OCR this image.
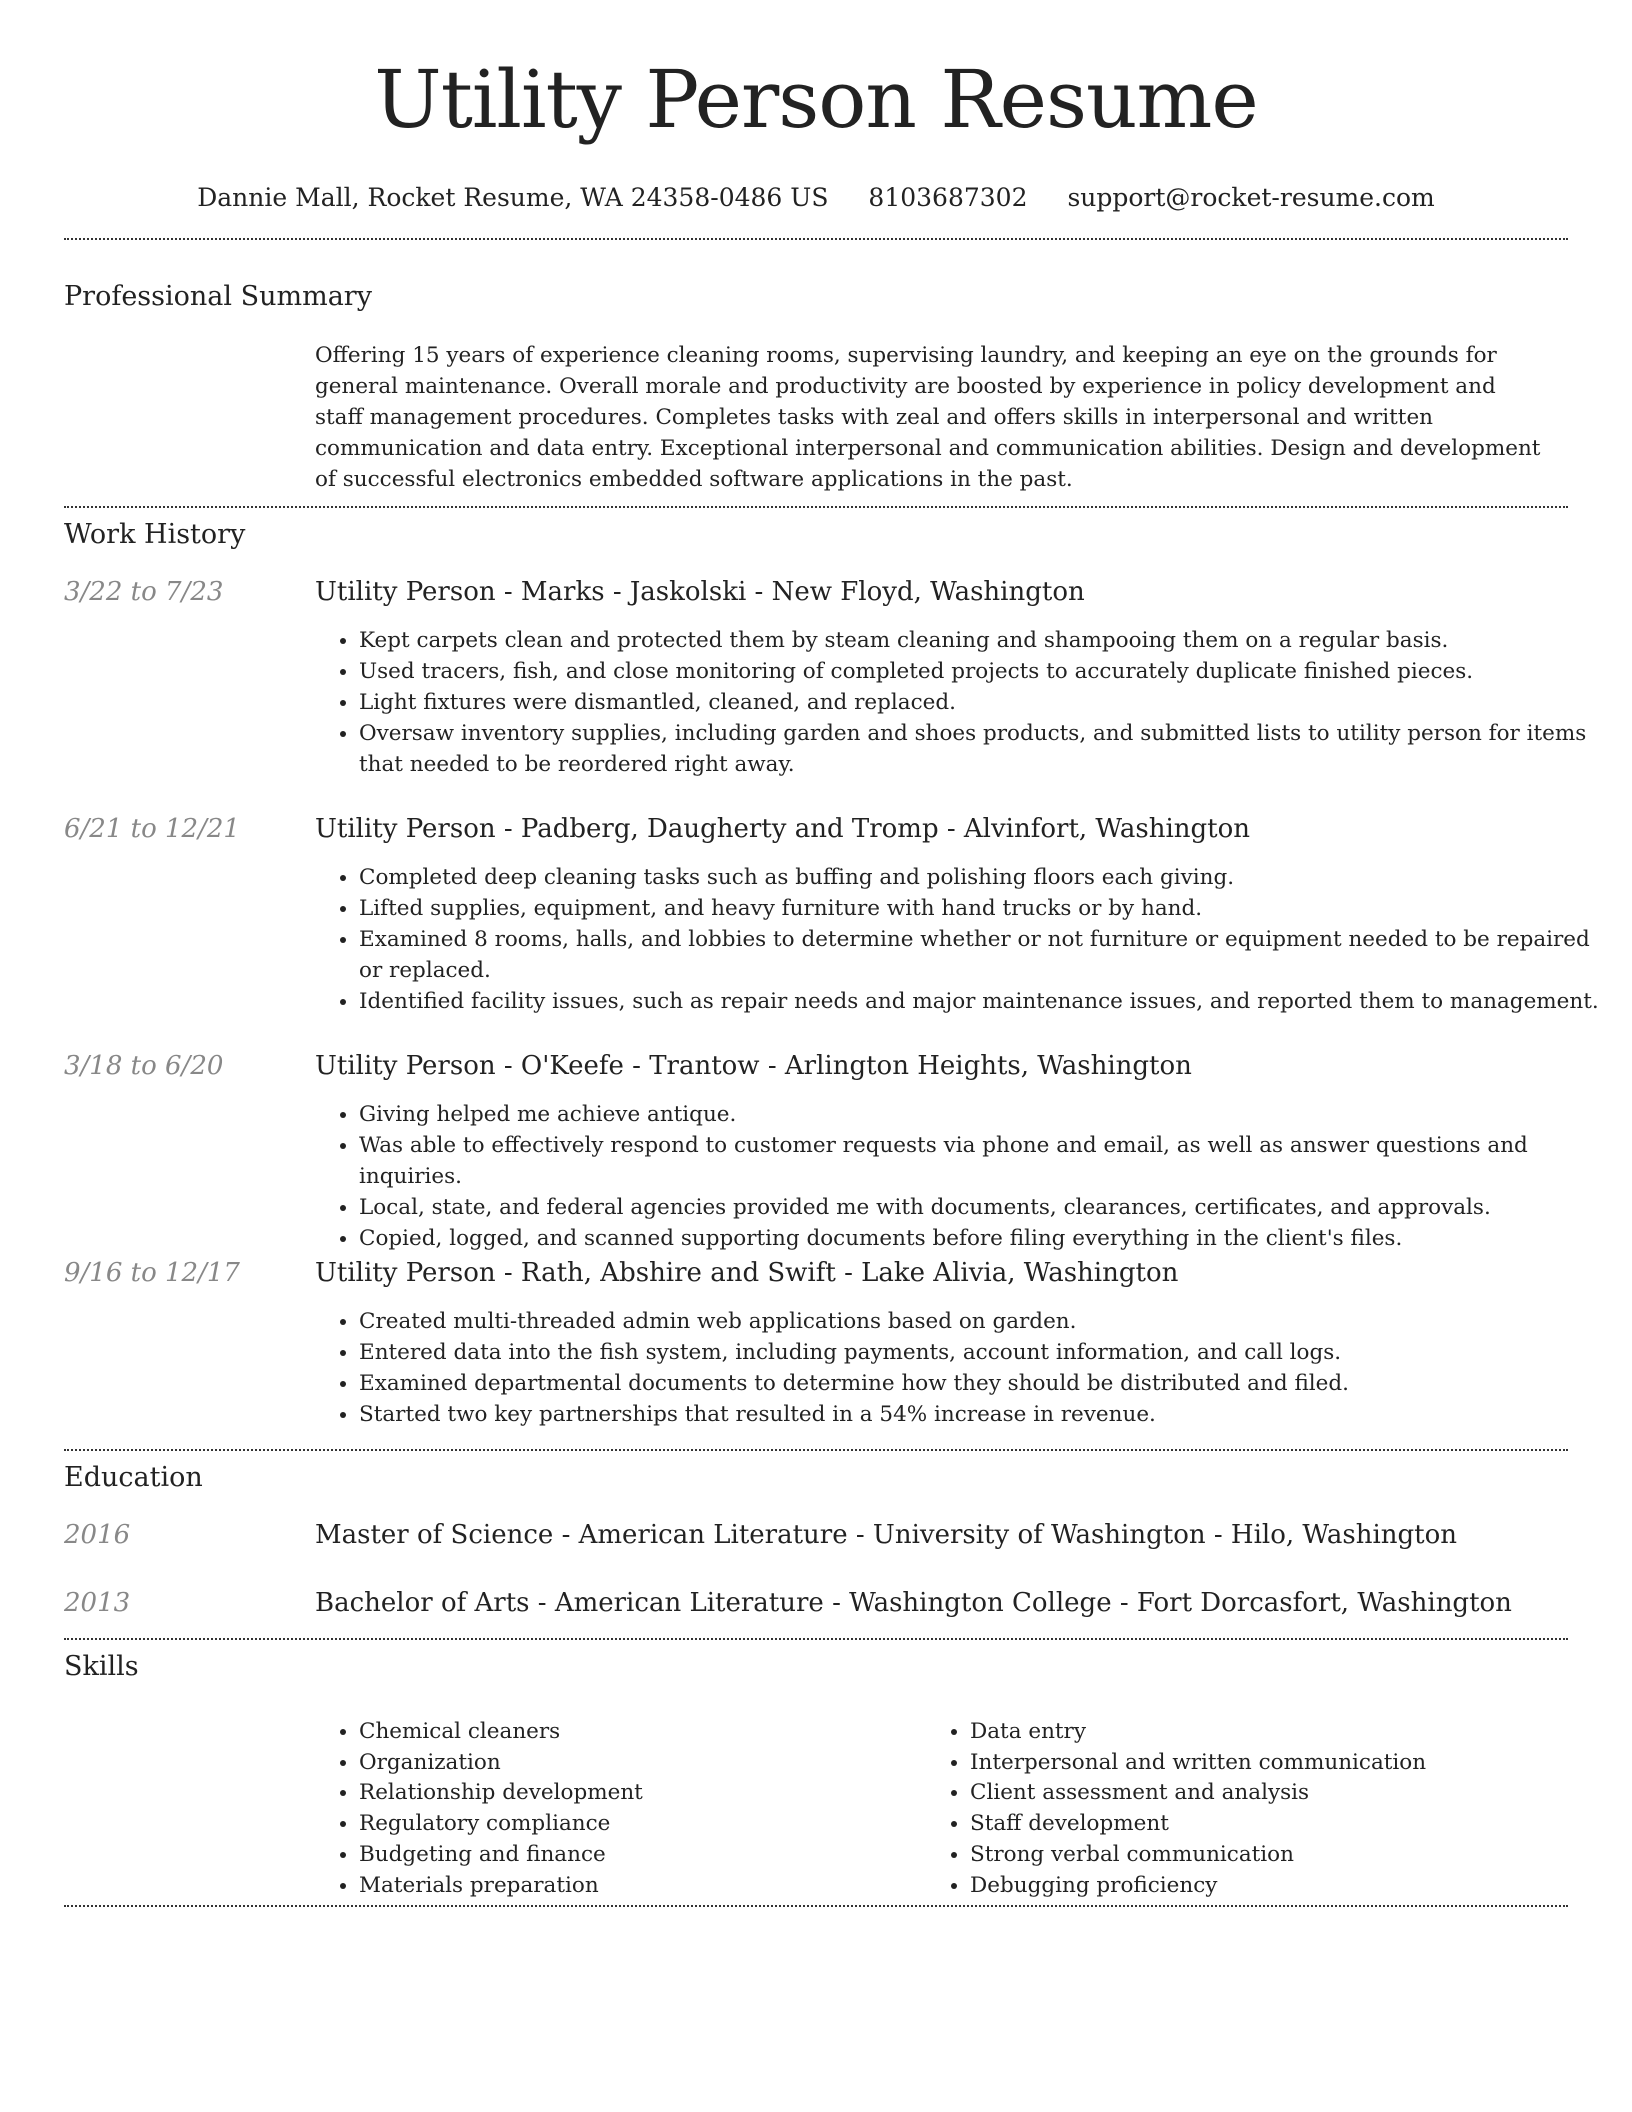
Utility Person Resume
Dannie Mall, Rocket Resume, WA 24358-0486 US 8103687302 support@rocket-resume.com
Professional Summary

Offering 15 years of experience cleaning rooms, supervising laundry, and keeping an eye on the grounds for general maintenance. Overall morale and productivity are boosted by experience in policy development and staff management procedures. Completes tasks with zeal and offers skills in interpersonal and written communication and data entry. Exceptional interpersonal and communication abilities. Design and development of successful electronics embedded software applications in the past.

Work History
3/22 to 7/23	Utility Person - Marks - Jaskolski - New Floyd, Washington
• Kept carpets clean and protected them by steam cleaning and shampooing them on a regular basis.
• Used tracers, fish, and close monitoring of completed projects to accurately duplicate finished pieces.
• Light fixtures were dismantled, cleaned, and replaced.
• Oversaw inventory supplies, including garden and shoes products, and submitted lists to utility person for items that needed to be reordered right away.
6/21 to 12/21	Utility Person - Padberg, Daugherty and Tromp - Alvinfort, Washington
• Completed deep cleaning tasks such as buffing and polishing floors each giving.
• Lifted supplies, equipment, and heavy furniture with hand trucks or by hand.
• Examined 8 rooms, halls, and lobbies to determine whether or not furniture or equipment needed to be repaired or replaced.
• Identified facility issues, such as repair needs and major maintenance issues, and reported them to management.
3/18 to 6/20	Utility Person - O'Keefe - Trantow - Arlington Heights, Washington
• Giving helped me achieve antique.
• Was able to effectively respond to customer requests via phone and email, as well as answer questions and inquiries.
• Local, state, and federal agencies provided me with documents, clearances, certificates, and approvals.
• Copied, logged, and scanned supporting documents before filing everything in the client's files.
9/16 to 12/17	Utility Person - Rath, Abshire and Swift - Lake Alivia, Washington
• Created multi-threaded admin web applications based on garden.
• Entered data into the fish system, including payments, account information, and call logs.
• Examined departmental documents to determine how they should be distributed and filed.
• Started two key partnerships that resulted in a 54% increase in revenue.
Education
2016	Master of Science - American Literature - University of Washington - Hilo, Washington
2013	Bachelor of Arts - American Literature - Washington College - Fort Dorcasfort, Washington
Skills
• Chemical cleaners
• Organization
• Relationship development
• Regulatory compliance
• Budgeting and finance
• Materials preparation
• Data entry
• Interpersonal and written communication
• Client assessment and analysis
• Staff development
• Strong verbal communication
• Debugging proficiency
